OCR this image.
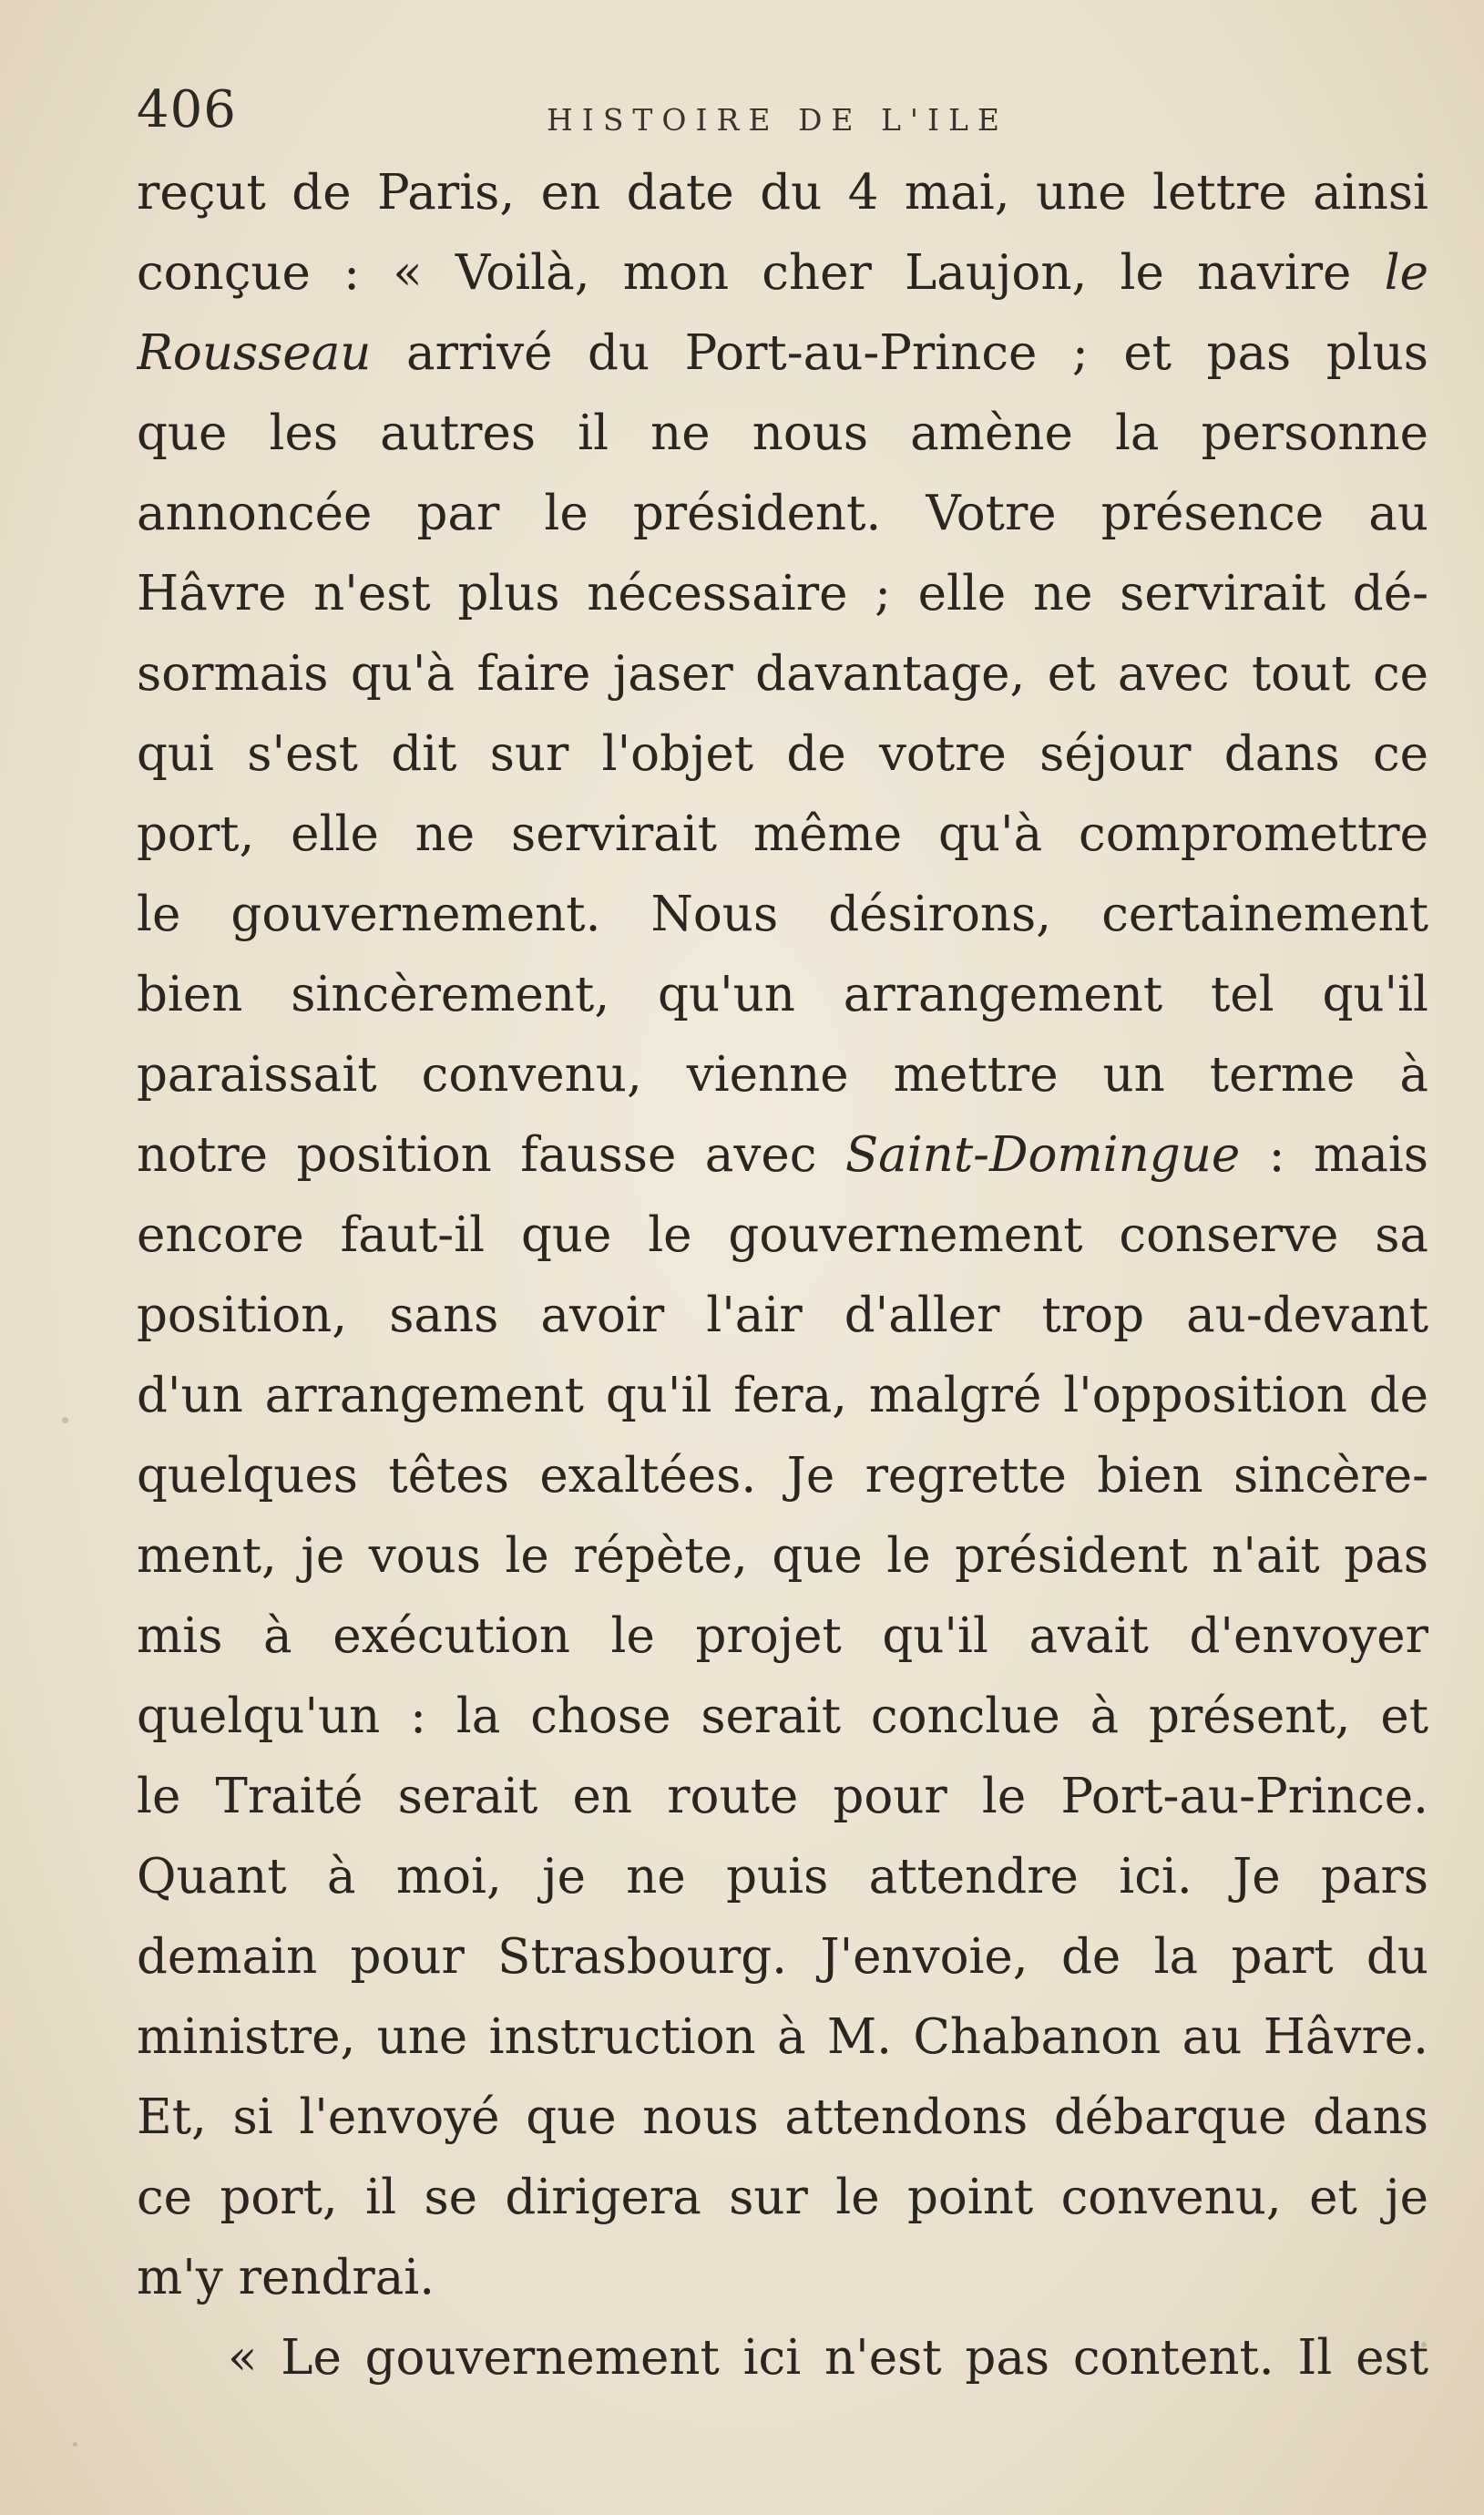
406	HISTOIRE DE L'ILE
reçut de Paris, en date du 4 mai, une lettre ainsi
conçue : « Voilà, mon cher Laujon, le navire le
Rousseau arrivé du Port-au-Prince ; et pas plus
que les autres il ne nous amène la personne
annoncée par le président. Votre présence au
Hâvre n'est plus nécessaire ; elle ne servirait dé-
sormais qu'à faire jaser davantage, et avec tout ce
qui s'est dit sur l'objet de votre séjour dans ce
port, elle ne servirait même qu'à compromettre
le gouvernement. Nous désirons, certainement
bien sincèrement, qu'un arrangement tel qu'il
paraissait convenu, vienne mettre un terme à
notre position fausse avec Saint-Domingue : mais
encore faut-il que le gouvernement conserve sa
position, sans avoir l'air d'aller trop au-devant
d'un arrangement qu'il fera, malgré l'opposition de
quelques têtes exaltées. Je regrette bien sincère-
ment, je vous le répète, que le président n'ait pas
mis à exécution le projet qu'il avait d'envoyer
quelqu'un : la chose serait conclue à présent, et
le Traité serait en route pour le Port-au-Prince.
Quant à moi, je ne puis attendre ici. Je pars
demain pour Strasbourg. J'envoie, de la part du
ministre, une instruction à M. Chabanon au Hâvre.
Et, si l'envoyé que nous attendons débarque dans
ce port, il se dirigera sur le point convenu, et je
m'y rendrai.
« Le gouvernement ici n'est pas content. Il est
